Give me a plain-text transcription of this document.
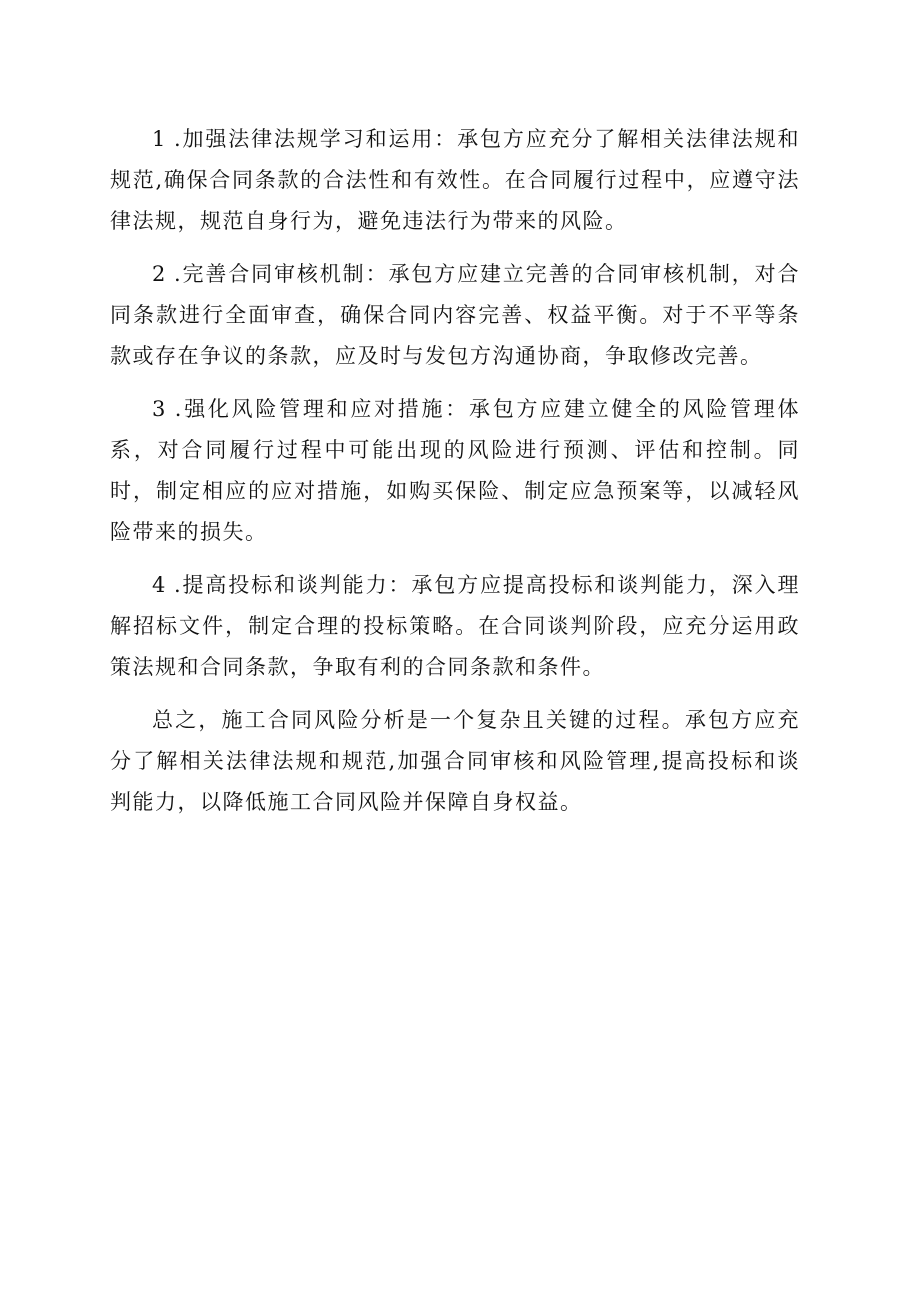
1 .加强法律法规学习和运用：承包方应充分了解相关法律法规和规范,确保合同条款的合法性和有效性。在合同履行过程中，应遵守法律法规，规范自身行为，避免违法行为带来的风险。

2 .完善合同审核机制：承包方应建立完善的合同审核机制，对合同条款进行全面审查，确保合同内容完善、权益平衡。对于不平等条款或存在争议的条款，应及时与发包方沟通协商，争取修改完善。

3 .强化风险管理和应对措施：承包方应建立健全的风险管理体系，对合同履行过程中可能出现的风险进行预测、评估和控制。同时，制定相应的应对措施，如购买保险、制定应急预案等，以减轻风险带来的损失。

4 .提高投标和谈判能力：承包方应提高投标和谈判能力，深入理解招标文件，制定合理的投标策略。在合同谈判阶段，应充分运用政策法规和合同条款，争取有利的合同条款和条件。

总之，施工合同风险分析是一个复杂且关键的过程。承包方应充分了解相关法律法规和规范,加强合同审核和风险管理,提高投标和谈判能力，以降低施工合同风险并保障自身权益。
